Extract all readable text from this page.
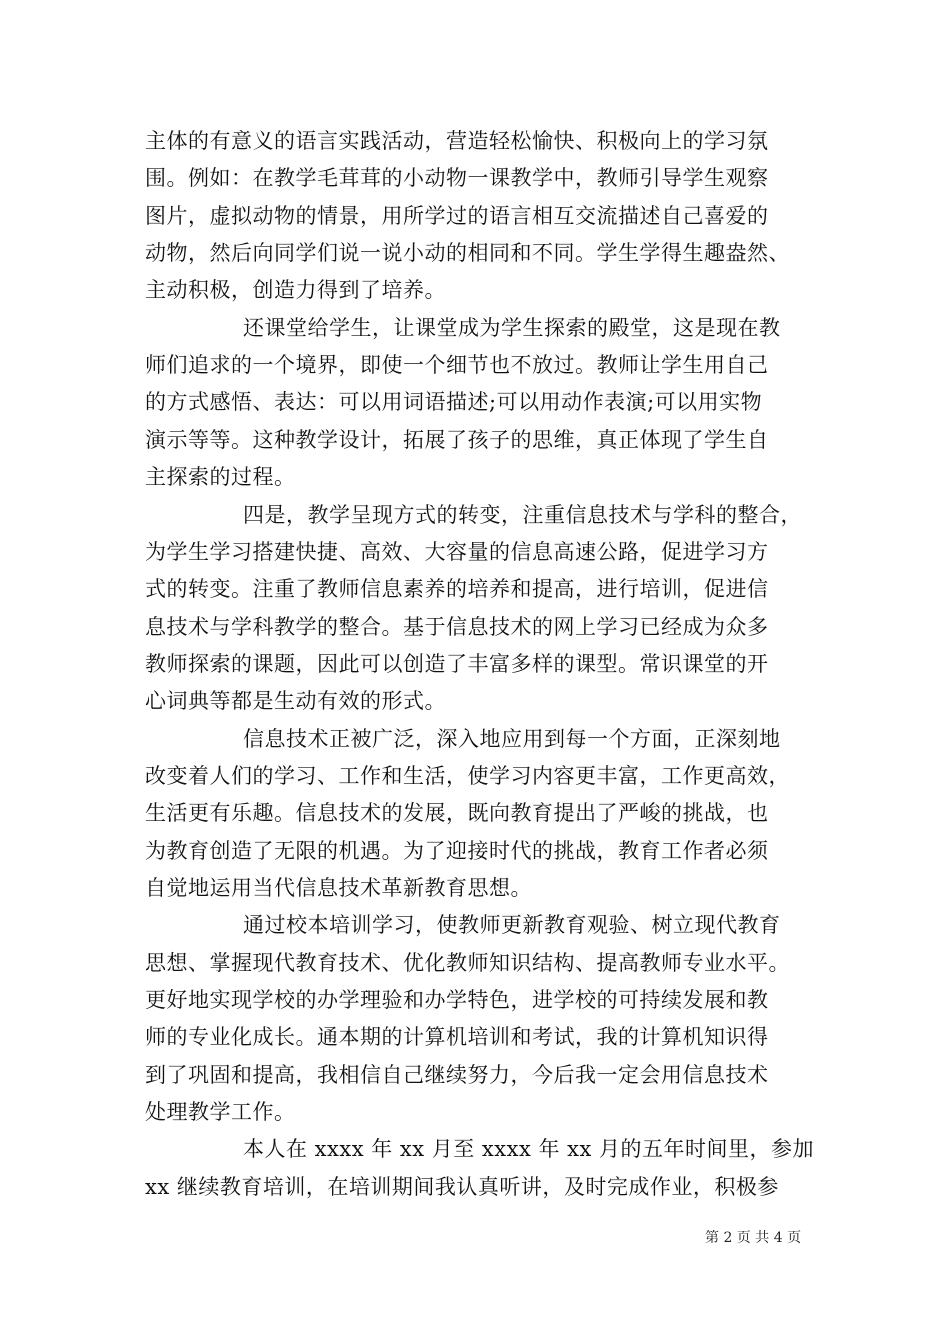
主体的有意义的语言实践活动，营造轻松愉快、积极向上的学习氛
围。例如：在教学毛茸茸的小动物一课教学中，教师引导学生观察
图片，虚拟动物的情景，用所学过的语言相互交流描述自己喜爱的
动物，然后向同学们说一说小动的相同和不同。学生学得生趣盎然、
主动积极，创造力得到了培养。
还课堂给学生，让课堂成为学生探索的殿堂，这是现在教
师们追求的一个境界，即使一个细节也不放过。教师让学生用自己
的方式感悟、表达：可以用词语描述;可以用动作表演;可以用实物
演示等等。这种教学设计，拓展了孩子的思维，真正体现了学生自
主探索的过程。
四是，教学呈现方式的转变，注重信息技术与学科的整合，
为学生学习搭建快捷、高效、大容量的信息高速公路，促进学习方
式的转变。注重了教师信息素养的培养和提高，进行培训，促进信
息技术与学科教学的整合。基于信息技术的网上学习已经成为众多
教师探索的课题，因此可以创造了丰富多样的课型。常识课堂的开
心词典等都是生动有效的形式。
信息技术正被广泛，深入地应用到每一个方面，正深刻地
改变着人们的学习、工作和生活，使学习内容更丰富，工作更高效，
生活更有乐趣。信息技术的发展，既向教育提出了严峻的挑战，也
为教育创造了无限的机遇。为了迎接时代的挑战，教育工作者必须
自觉地运用当代信息技术革新教育思想。
通过校本培训学习，使教师更新教育观验、树立现代教育
思想、掌握现代教育技术、优化教师知识结构、提高教师专业水平。
更好地实现学校的办学理验和办学特色，进学校的可持续发展和教
师的专业化成长。通本期的计算机培训和考试，我的计算机知识得
到了巩固和提高，我相信自己继续努力，今后我一定会用信息技术
处理教学工作。
本人在 xxxx 年 xx 月至 xxxx 年 xx 月的五年时间里，参加
xx 继续教育培训，在培训期间我认真听讲，及时完成作业，积极参
第 2 页 共 4 页
